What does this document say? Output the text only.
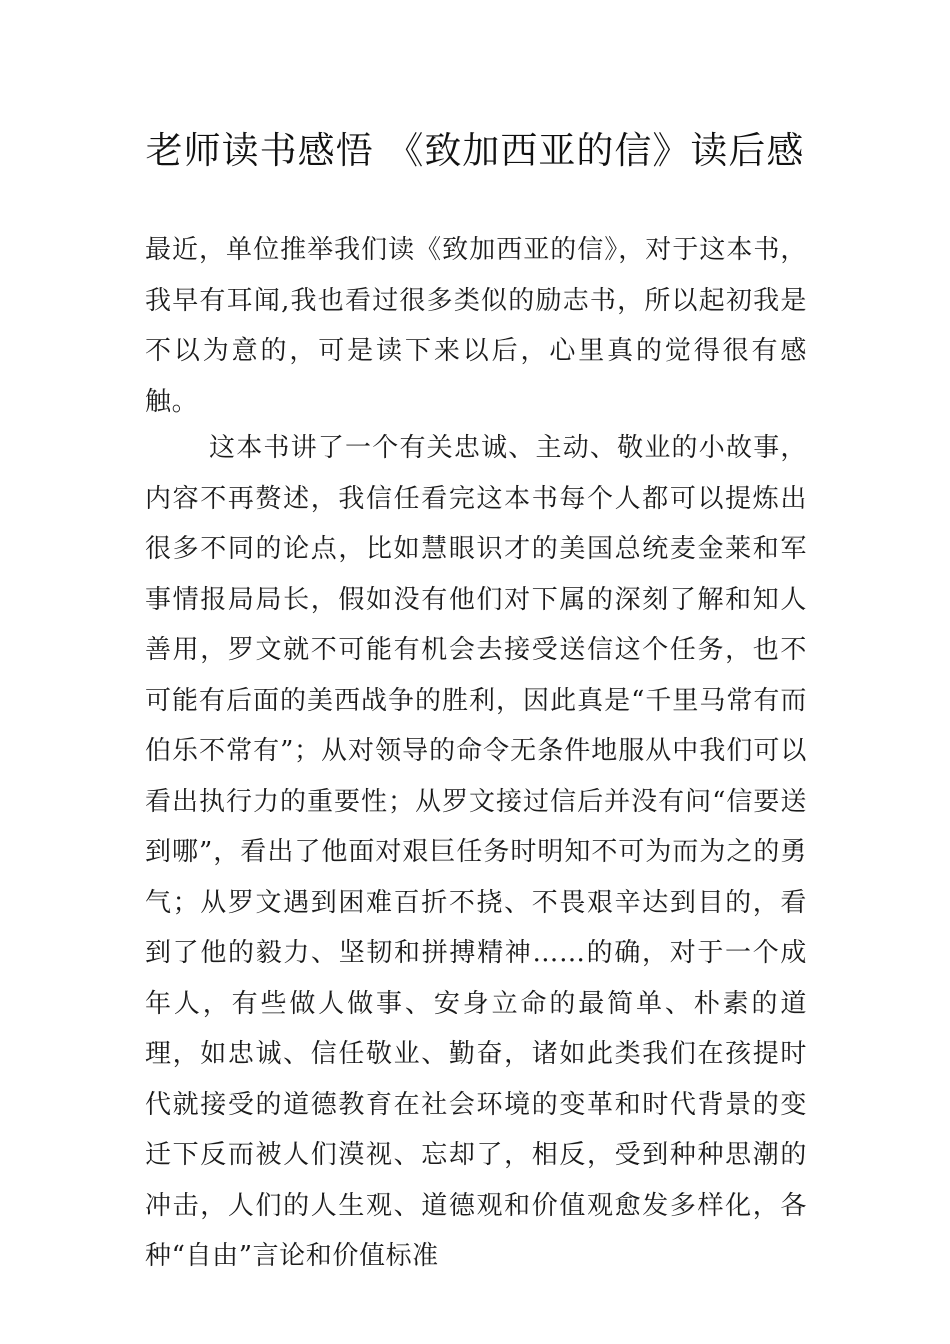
老师读书感悟 《致加西亚的信》读后感

最近，单位推举我们读《致加西亚的信》，对于这本书，我早有耳闻,我也看过很多类似的励志书，所以起初我是不以为意的，可是读下来以后，心里真的觉得很有感触。

这本书讲了一个有关忠诚、主动、敬业的小故事，内容不再赘述，我信任看完这本书每个人都可以提炼出很多不同的论点，比如慧眼识才的美国总统麦金莱和军事情报局局长，假如没有他们对下属的深刻了解和知人善用，罗文就不可能有机会去接受送信这个任务，也不可能有后面的美西战争的胜利，因此真是“千里马常有而伯乐不常有”；从对领导的命令无条件地服从中我们可以看出执行力的重要性；从罗文接过信后并没有问“信要送到哪”，看出了他面对艰巨任务时明知不可为而为之的勇气；从罗文遇到困难百折不挠、不畏艰辛达到目的，看到了他的毅力、坚韧和拼搏精神……的确，对于一个成年人，有些做人做事、安身立命的最简单、朴素的道理，如忠诚、信任敬业、勤奋，诸如此类我们在孩提时代就接受的道德教育在社会环境的变革和时代背景的变迁下反而被人们漠视、忘却了，相反，受到种种思潮的冲击，人们的人生观、道德观和价值观愈发多样化，各种“自由”言论和价值标准
